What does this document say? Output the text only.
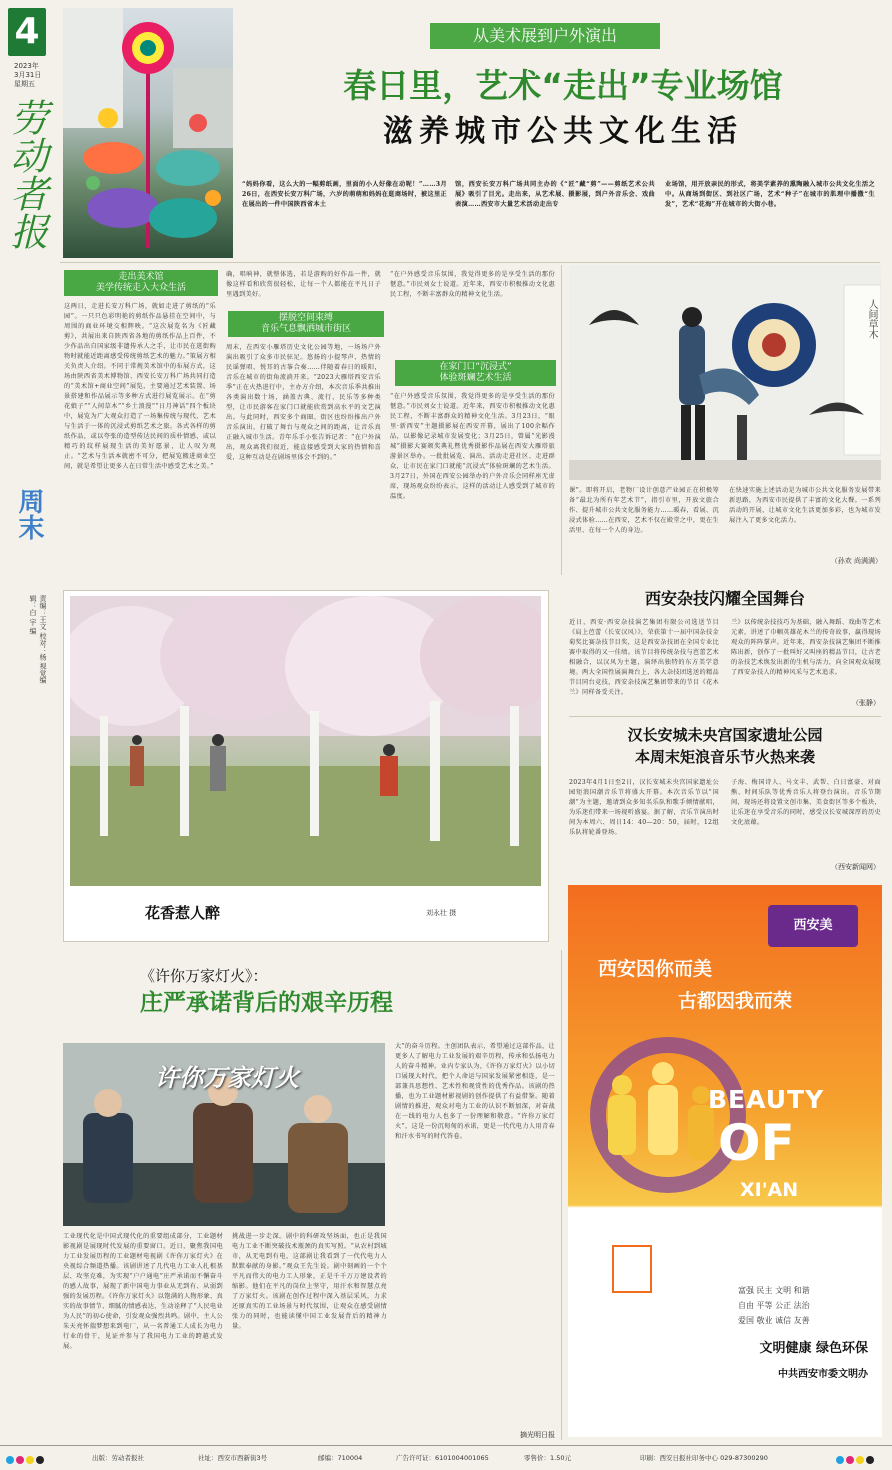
4
2023年
3月31日
星期五
劳动者报
周末
责编：王文 校对：杨 视觉编辑：白 宇 编
从美术展到户外演出
春日里，艺术“走出”专业场馆
滋养城市公共文化生活
“妈妈你看，这么大的一幅剪纸画，里面的小人好像在动呢！”……3月26日，在西安长安万科广场，六岁的萌萌和妈妈在逛商场时，被这里正在展出的一件中国陕西省本土
馆，西安长安万科广场共同主办的《“匠”藏“剪”——剪纸艺术公共展》吸引了目光。走出来，从艺术展、摄影展，到户外音乐会、戏曲表演……西安市大量艺术活动走出专
业场馆，用开放亲民的形式，将美学素养的熏陶融入城市公共文化生活之中。从商场到街区、到社区广场，艺术“种子”在城市的肌理中播撒“生发”，艺术“花海”开在城市的大街小巷。
走出美术馆
美学传统走入大众生活
这两日，走进长安万科广场，就如走进了剪纸的“乐园”。一只只色彩明艳的剪纸作品悬挂在空间中，与周围的商业环境交相辉映。“这次展览名为《匠藏剪》，共展出来自陕西省各地的剪纸作品上百件，不少作品出自国家级非遗传承人之手，让市民在逛街购物时就能近距离感受传统剪纸艺术的魅力。”策展方相关负责人介绍。不同于常规美术馆中的布展方式，这场由陕西省美术博物馆、西安长安万科广场共同打造的“美术馆+商业空间”展览，主要通过艺术装置、场景搭建和作品展示等多种方式进行展览展示。在“剪花娘子”“人间草木”“乡土浪漫”“日月神话”四个板块中，展览为广大观众打造了一场集传统与现代、艺术与生活于一体的沉浸式剪纸艺术之旅。各式各样的剪纸作品，或以夸张的造型传达民间的质朴情感，或以精巧的纹样展现生活的美好愿景，让人叹为观止。“艺术与生活本就密不可分，把展览搬进商业空间，就是希望让更多人在日常生活中感受艺术之美。”
确，唱响神，就整体选，若是游购的好作品一件，就像这样看和欣赏很轻松，让每一个人都能在平凡日子里遇到美好。
摆脱空间束缚
音乐气息飘洒城市街区
周末，在西安小雁塔历史文化公园等地，一场场户外演出吸引了众多市民驻足。悠扬的小提琴声、热情的民谣弹唱、悦耳的古筝合奏……伴随着春日的暖阳，音乐在城市的街角流淌开来。“2023大雁塔西安音乐季”正在火热进行中，主办方介绍，本次音乐季共推出各类演出数十场，涵盖古典、流行、民乐等多种类型，让市民游客在家门口就能欣赏到高水平的文艺演出。与此同时，西安多个商圈、街区也纷纷推出户外音乐演出，打破了舞台与观众之间的距离，让音乐真正融入城市生活。青年乐手小张告诉记者：“在户外演出，观众离我们很近，能直接感受到大家的热情和喜爱，这种互动是在剧场里体会不到的。”
“在户外感受音乐氛围，我觉得更多的是享受生活的那份惬意。”市民刘女士说道。近年来，西安市积极推动文化惠民工程，不断丰富群众的精神文化生活。
在家门口“沉浸式”
体验斑斓艺术生活
“在户外感受音乐氛围，我觉得更多的是享受生活的那份惬意。”市民刘女士说道。近年来，西安市积极推动文化惠民工程，不断丰富群众的精神文化生活。3月23日，“眼里·新西安”主题摄影展在西安开幕，展出了100余幅作品，以影像记录城市发展变化；3月25日，曾属“光影漫城”摄影大赛颁奖典礼暨优秀摄影作品展在西安大雁塔旅游景区举办。一批批展览、演出、活动走进社区、走进群众，让市民在家门口就能“沉浸式”体验斑斓的艺术生活。3月27日，外国在西安公园举办的户外音乐会同样座无虚席，现场观众纷纷表示，这样的活动让人感受到了城市的温度。
人间草木
课”。即将开启，老物厂设计创意产业园正在积极筹备“最北为所有年艺术节”，指引市里，开放文旅合作、提升城市公共文化服务能力……暖春，看展、沉浸式体验……在西安，艺术不仅在殿堂之中，更在生活里、在每一个人的身边。
在快速实施上述活动是为城市公共文化服务发展带来新思路，为西安市民提供了丰富的文化大餐。一系列活动的开展，让城市文化生活更加多彩，也为城市发展注入了更多文化活力。
（孙欢 尚满满）
花香惹人醉	刘永壮 摄
西安杂技闪耀全国舞台
近日，西安·西安杂技演艺集团有限公司选送节目《肩上芭蕾（长安汉风）》，荣获第十一届中国杂技金菊奖比赛杂技节目奖，这是西安杂技团在全国专业比赛中取得的又一佳绩。该节目将传统杂技与芭蕾艺术相融合，以汉风为主题，演绎出独特的东方美学意境。两大全国性展演舞台上，各大杂技团选送的精品节目同台竞技，西安杂技演艺集团带来的节目《花木兰》同样备受关注。
兰》以传统杂技技巧为基础，融入舞蹈、戏曲等艺术元素，讲述了巾帼英雄花木兰的传奇故事，赢得现场观众的阵阵掌声。近年来，西安杂技演艺集团不断推陈出新，创作了一批叫好又叫座的精品节目，让古老的杂技艺术焕发出新的生机与活力，向全国观众展现了西安杂技人的精神风采与艺术追求。
（张静）
汉长安城未央宫国家遗址公园
本周末矩浪音乐节火热来袭
2023年4月1日至2日，汉长安城未央宫国家遗址公园矩浪国潮音乐节将盛大开幕。本次音乐节以“国潮”为主题，邀请到众多知名乐队和歌手倾情献唱，为乐迷们带来一场视听盛宴。据了解，音乐节演出时间为本周六、周日14：40—20：50，届时，12组乐队将轮番登场。
子海、梅国诗人、马文丰、武帮、白日富豪、对面熊、时间乐队等优秀音乐人将登台演出。音乐节期间，现场还将设置文创市集、美食街区等多个板块，让乐迷在享受音乐的同时，感受汉长安城深厚的历史文化底蕴。
（西安新闻网）
《许你万家灯火》：
庄严承诺背后的艰辛历程
许你万家灯火
工业现代化是中国式现代化的重要组成部分，工业题材影视剧是展现时代发展的重要窗口。近日，聚焦我国电力工业发展历程的工业题材电视剧《许你万家灯火》在央视综合频道热播。该剧讲述了几代电力工业人扎根基层、攻坚克难，为实现“户户通电”庄严承诺而不懈奋斗的感人故事，展现了新中国电力事业从无到有、从弱到强的发展历程。《许你万家灯火》以饱满的人物形象、真实的故事情节、细腻的情感表达，生动诠释了“人民电业为人民”的初心使命，引发观众强烈共鸣。剧中，主人公朱天亮怀揣梦想来到电厂，从一名普通工人成长为电力行业的骨干，见证并参与了我国电力工业的跨越式发展。
挑战进一步走深。剧中的科研攻坚场面，也正是我国电力工业不断突破技术瓶颈的真实写照。“从农村到城市，从无电到有电，这部剧让我看到了一代代电力人默默奉献的身影。”观众王先生说。剧中刻画的一个个平凡而伟大的电力工人形象，正是千千万万建设者的缩影。他们在平凡的岗位上坚守，用汗水和智慧点亮了万家灯火。该剧在创作过程中深入基层采风，力求还原真实的工业场景与时代氛围，让观众在感受剧情张力的同时，也能读懂中国工业发展背后的精神力量。
大”的奋斗历程。主创团队表示，希望通过这部作品，让更多人了解电力工业发展的艰辛历程，传承和弘扬电力人的奋斗精神。业内专家认为，《许你万家灯火》以小切口展现大时代，把个人命运与国家发展紧密相连，是一部兼具思想性、艺术性和观赏性的优秀作品。该剧的热播，也为工业题材影视剧的创作提供了有益借鉴。随着剧情的推进，观众对电力工业的认识不断加深，对奋战在一线的电力人也多了一份理解和敬意。“许你万家灯火”，这是一份沉甸甸的承诺，更是一代代电力人用青春和汗水书写的时代答卷。
摘光明日报
西安美
西安因你而美
古都因我而荣
BEAUTY
OF
XI'AN
富强 民主 文明 和谐
自由 平等 公正 法治
爱国 敬业 诚信 友善
文明健康 绿色环保
中共西安市委文明办
出版：劳动者报社	社址：西安市西新街3号	邮编：710004	广告许可证：6101004001065	零售价：1.50元	印刷：西安日报社印务中心 029-87300290
